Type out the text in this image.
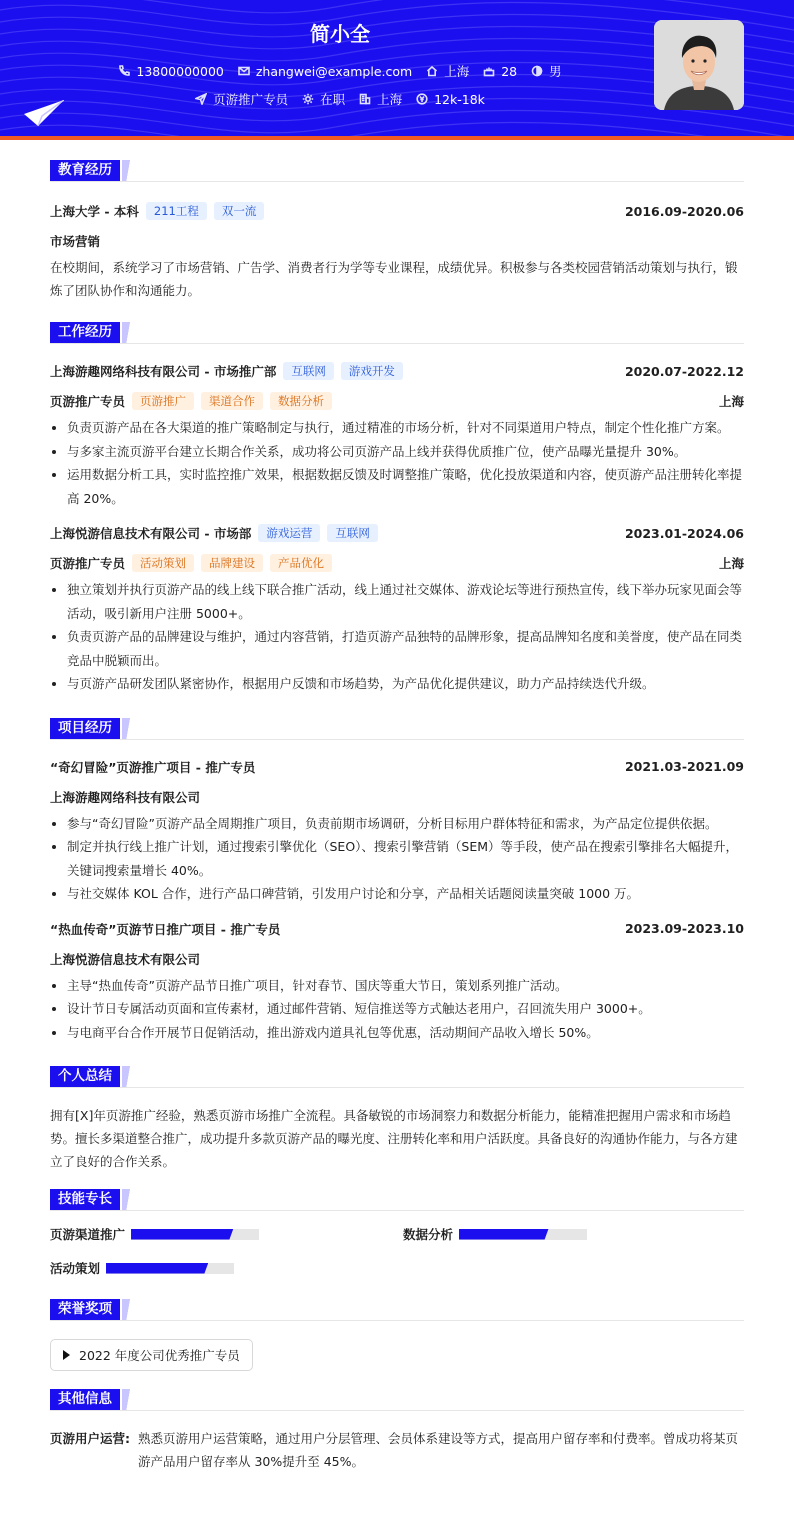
简小全
13800000000
	zhangwei@example.com
	上海
	28
	男
页游推广专员
	在职
	上海
	12k-18k
教育经历
上海大学 - 本科	211工程	双一流	2016.09-2020.06
市场营销
在校期间，系统学习了市场营销、广告学、消费者行为学等专业课程，成绩优异。积极参与各类校园营销活动策划与执行，锻炼了团队协作和沟通能力。
工作经历
上海游趣网络科技有限公司 - 市场推广部	互联网	游戏开发	2020.07-2022.12
页游推广专员	页游推广	渠道合作	数据分析	上海
负责页游产品在各大渠道的推广策略制定与执行，通过精准的市场分析，针对不同渠道用户特点，制定个性化推广方案。
与多家主流页游平台建立长期合作关系，成功将公司页游产品上线并获得优质推广位，使产品曝光量提升 30%。
运用数据分析工具，实时监控推广效果，根据数据反馈及时调整推广策略，优化投放渠道和内容，使页游产品注册转化率提高 20%。
上海悦游信息技术有限公司 - 市场部	游戏运营	互联网	2023.01-2024.06
页游推广专员	活动策划	品牌建设	产品优化	上海
独立策划并执行页游产品的线上线下联合推广活动，线上通过社交媒体、游戏论坛等进行预热宣传，线下举办玩家见面会等活动，吸引新用户注册 5000+。
负责页游产品的品牌建设与维护，通过内容营销，打造页游产品独特的品牌形象，提高品牌知名度和美誉度，使产品在同类竞品中脱颖而出。
与页游产品研发团队紧密协作，根据用户反馈和市场趋势，为产品优化提供建议，助力产品持续迭代升级。
项目经历
“奇幻冒险”页游推广项目 - 推广专员	2021.03-2021.09
上海游趣网络科技有限公司
参与“奇幻冒险”页游产品全周期推广项目，负责前期市场调研，分析目标用户群体特征和需求，为产品定位提供依据。
制定并执行线上推广计划，通过搜索引擎优化（SEO）、搜索引擎营销（SEM）等手段，使产品在搜索引擎排名大幅提升，关键词搜索量增长 40%。
与社交媒体 KOL 合作，进行产品口碑营销，引发用户讨论和分享，产品相关话题阅读量突破 1000 万。
“热血传奇”页游节日推广项目 - 推广专员	2023.09-2023.10
上海悦游信息技术有限公司
主导“热血传奇”页游产品节日推广项目，针对春节、国庆等重大节日，策划系列推广活动。
设计节日专属活动页面和宣传素材，通过邮件营销、短信推送等方式触达老用户，召回流失用户 3000+。
与电商平台合作开展节日促销活动，推出游戏内道具礼包等优惠，活动期间产品收入增长 50%。
个人总结
拥有[X]年页游推广经验，熟悉页游市场推广全流程。具备敏锐的市场洞察力和数据分析能力，能精准把握用户需求和市场趋势。擅长多渠道整合推广，成功提升多款页游产品的曝光度、注册转化率和用户活跃度。具备良好的沟通协作能力，与各方建立了良好的合作关系。
技能专长
页游渠道推广	数据分析
活动策划
荣誉奖项
2022 年度公司优秀推广专员
其他信息
页游用户运营: 熟悉页游用户运营策略，通过用户分层管理、会员体系建设等方式，提高用户留存率和付费率。曾成功将某页游产品用户留存率从 30%提升至 45%。
